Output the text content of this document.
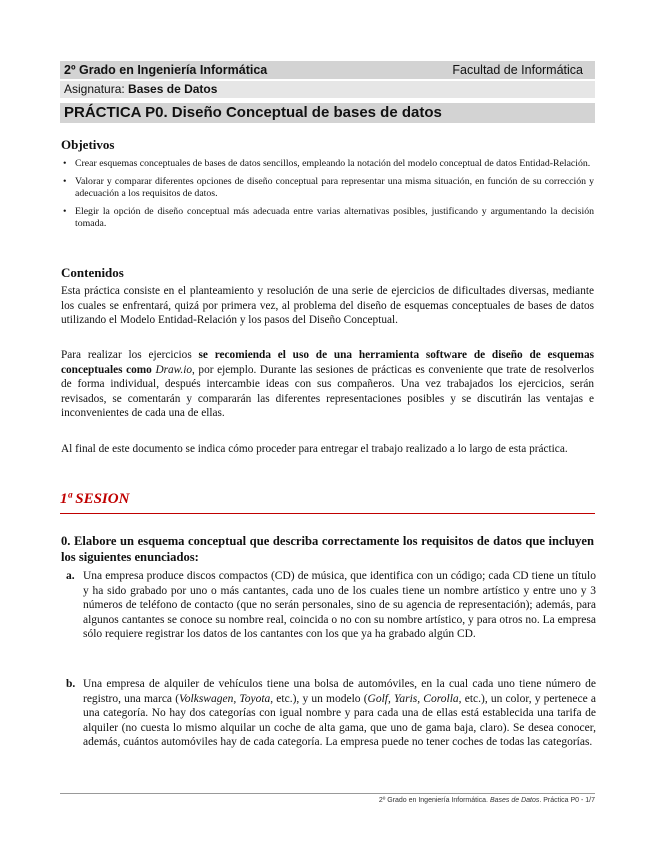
2º Grado en Ingeniería Informática	Facultad de Informática
Asignatura: Bases de Datos
PRÁCTICA P0. Diseño Conceptual de bases de datos
Objetivos
• Crear esquemas conceptuales de bases de datos sencillos, empleando la notación del modelo conceptual de datos Entidad-Relación.
• Valorar y comparar diferentes opciones de diseño conceptual para representar una misma situación, en función de su corrección y adecuación a los requisitos de datos.
• Elegir la opción de diseño conceptual más adecuada entre varias alternativas posibles, justificando y argumentando la decisión tomada.
Contenidos

Esta práctica consiste en el planteamiento y resolución de una serie de ejercicios de dificultades diversas, mediante los cuales se enfrentará, quizá por primera vez, al problema del diseño de esquemas conceptuales de bases de datos utilizando el Modelo Entidad-Relación y los pasos del Diseño Conceptual.

Para realizar los ejercicios se recomienda el uso de una herramienta software de diseño de esquemas conceptuales como Draw.io, por ejemplo. Durante las sesiones de prácticas es conveniente que trate de resolverlos de forma individual, después intercambie ideas con sus compañeros. Una vez trabajados los ejercicios, serán revisados, se comentarán y compararán las diferentes representaciones posibles y se discutirán las ventajas e inconvenientes de cada una de ellas.

Al final de este documento se indica cómo proceder para entregar el trabajo realizado a lo largo de esta práctica.

1ª SESION

0. Elabore un esquema conceptual que describa correctamente los requisitos de datos que incluyen los siguientes enunciados:

a. Una empresa produce discos compactos (CD) de música, que identifica con un código; cada CD tiene un título y ha sido grabado por uno o más cantantes, cada uno de los cuales tiene un nombre artístico y entre uno y 3 números de teléfono de contacto (que no serán personales, sino de su agencia de representación); además, para algunos cantantes se conoce su nombre real, coincida o no con su nombre artístico, y para otros no. La empresa sólo requiere registrar los datos de los cantantes con los que ya ha grabado algún CD.

b. Una empresa de alquiler de vehículos tiene una bolsa de automóviles, en la cual cada uno tiene número de registro, una marca (Volkswagen, Toyota, etc.), y un modelo (Golf, Yaris, Corolla, etc.), un color, y pertenece a una categoría. No hay dos categorías con igual nombre y para cada una de ellas está establecida una tarifa de alquiler (no cuesta lo mismo alquilar un coche de alta gama, que uno de gama baja, claro). Se desea conocer, además, cuántos automóviles hay de cada categoría. La empresa puede no tener coches de todas las categorías.

2º Grado en Ingeniería Informática. Bases de Datos. Práctica P0 - 1/7
